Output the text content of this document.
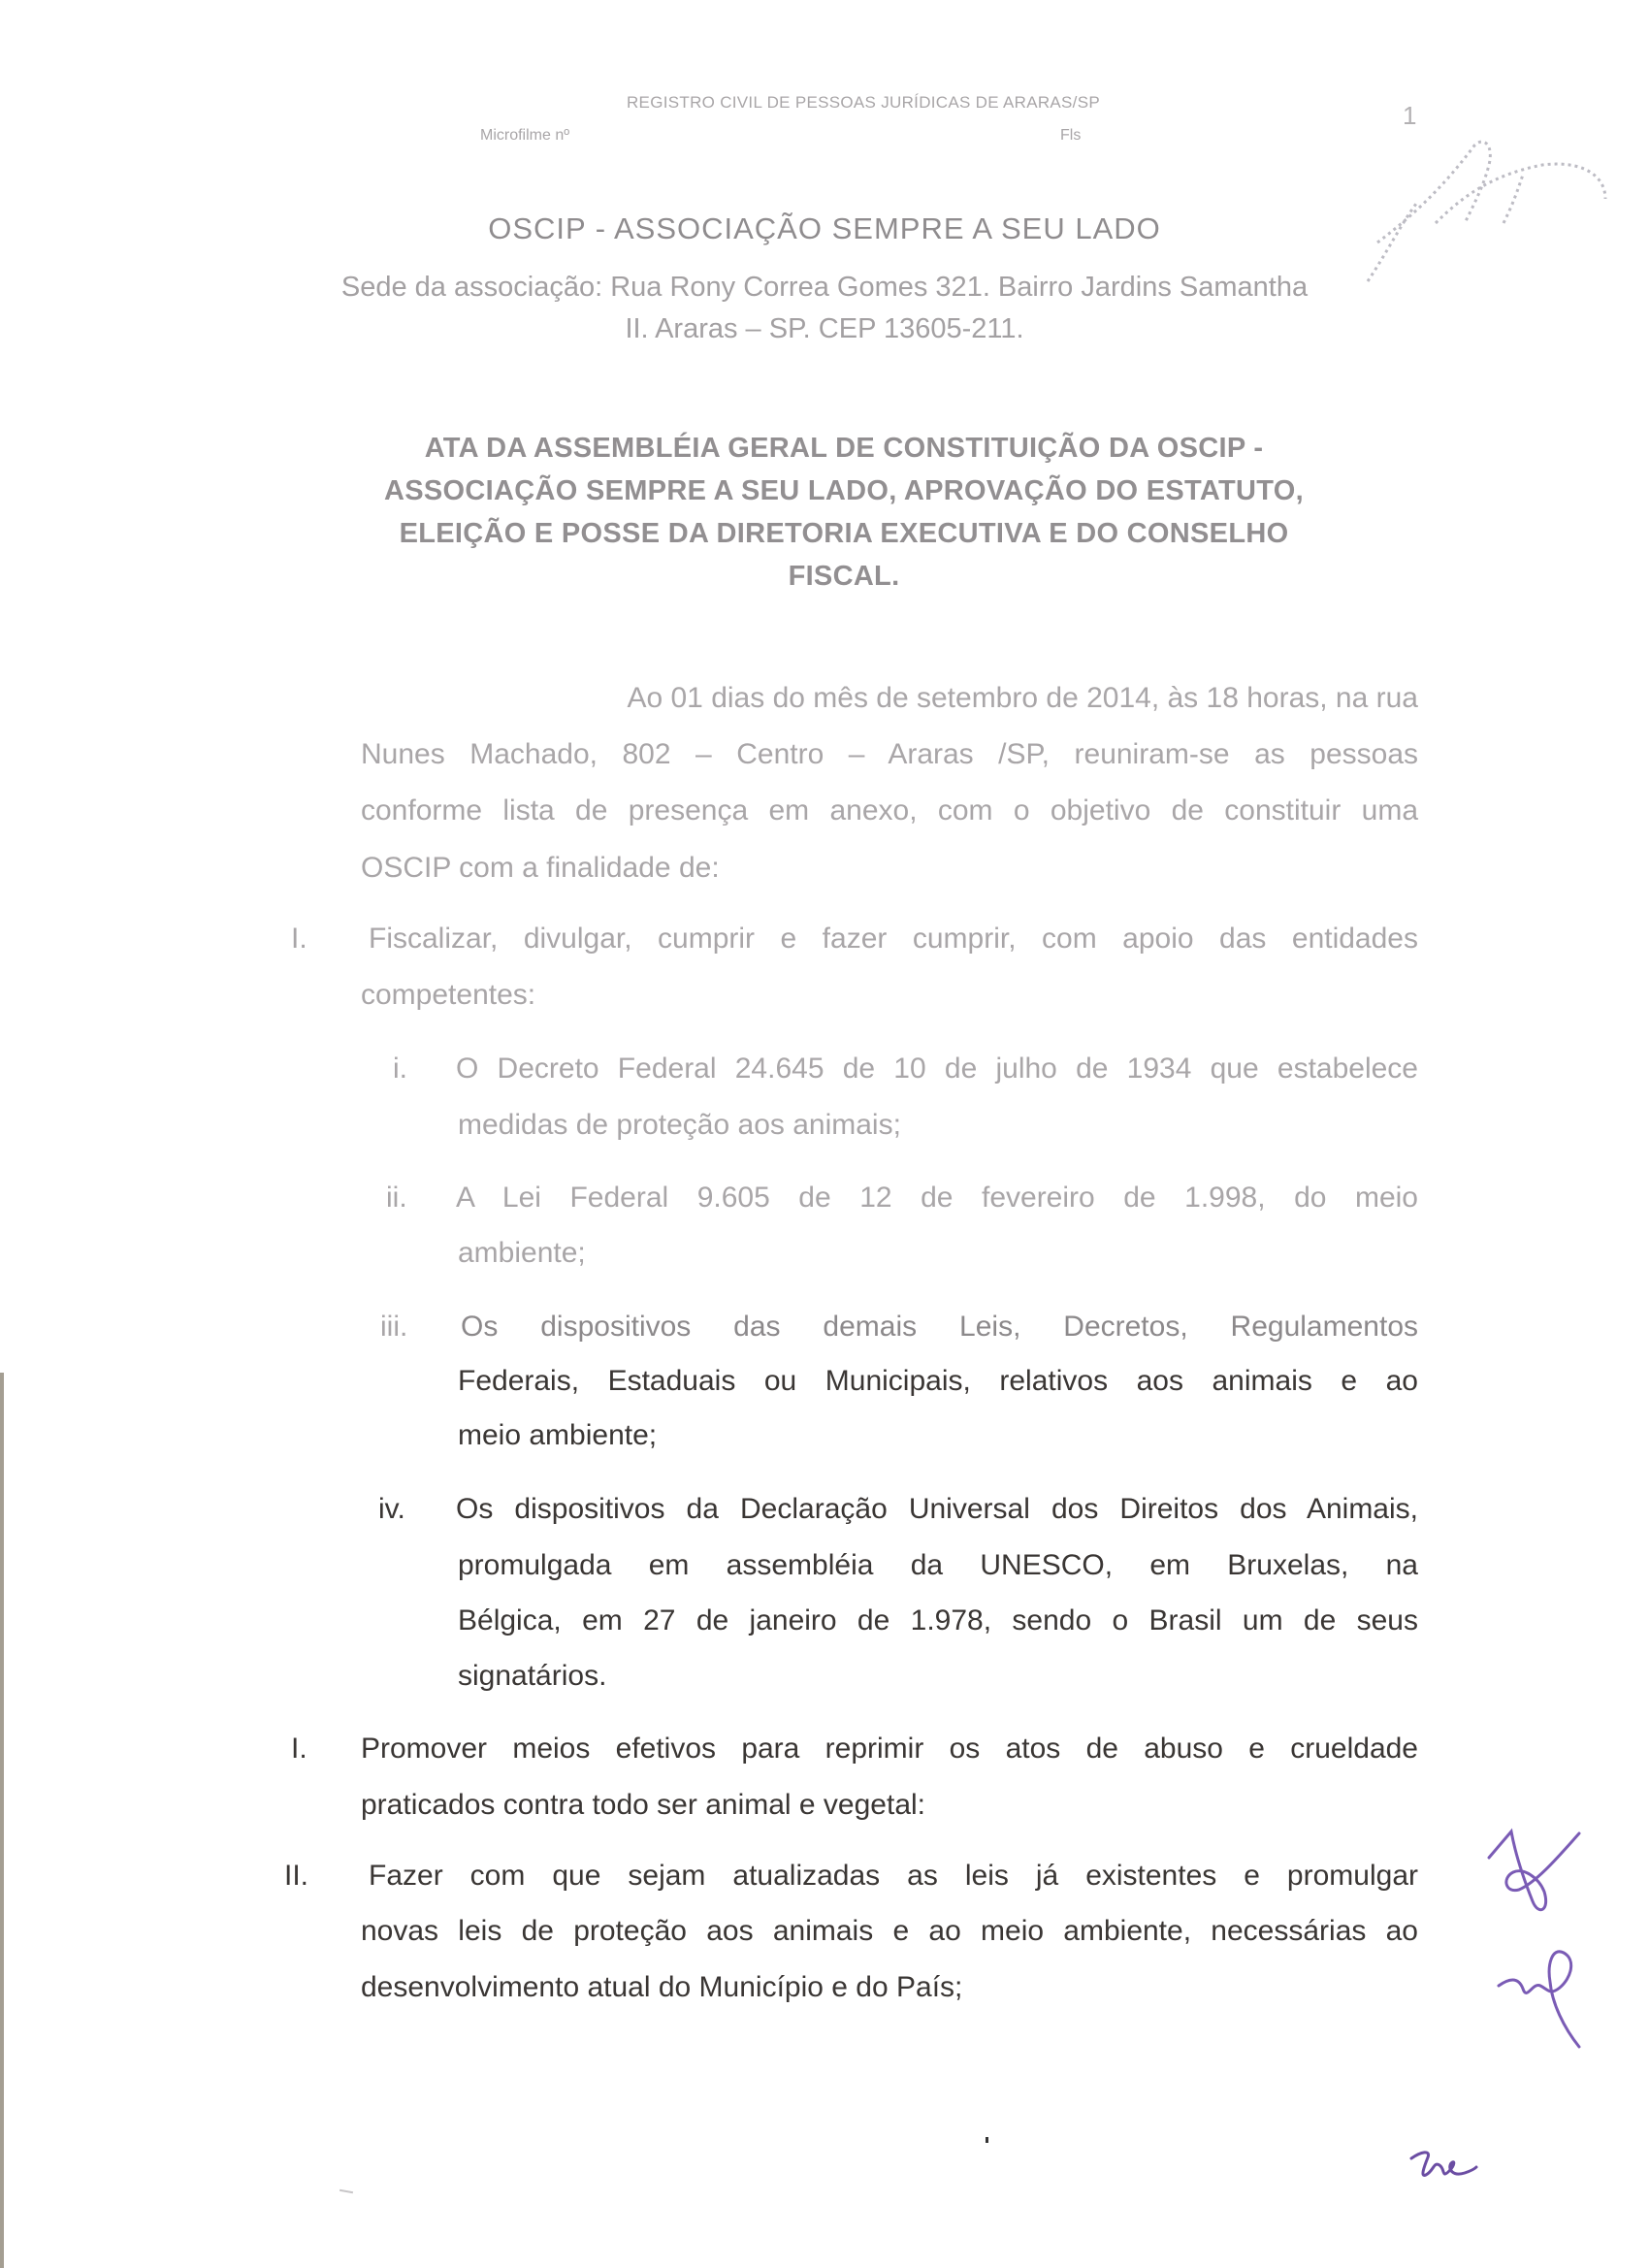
REGISTRO CIVIL DE PESSOAS JURÍDICAS DE ARARAS/SP
Microfilme nº	Fls
1
OSCIP - ASSOCIAÇÃO SEMPRE A SEU LADO
Sede da associação: Rua Rony Correa Gomes 321. Bairro Jardins Samantha
II. Araras – SP. CEP 13605-211.
ATA DA ASSEMBLÉIA GERAL DE CONSTITUIÇÃO DA OSCIP -
ASSOCIAÇÃO SEMPRE A SEU LADO, APROVAÇÃO DO ESTATUTO,
ELEIÇÃO E POSSE DA DIRETORIA EXECUTIVA E DO CONSELHO
FISCAL.
Ao 01 dias do mês de setembro de 2014, às 18 horas, na rua
Nunes Machado, 802 – Centro – Araras /SP, reuniram-se as pessoas
conforme lista de presença em anexo, com o objetivo de constituir uma
OSCIP com a finalidade de:
I. Fiscalizar, divulgar, cumprir e fazer cumprir, com apoio das entidades
competentes:
i. O Decreto Federal 24.645 de 10 de julho de 1934 que estabelece
medidas de proteção aos animais;
ii. A Lei Federal 9.605 de 12 de fevereiro de 1.998, do meio
ambiente;
iii. Os dispositivos das demais Leis, Decretos, Regulamentos
Federais, Estaduais ou Municipais, relativos aos animais e ao
meio ambiente;
iv. Os dispositivos da Declaração Universal dos Direitos dos Animais,
promulgada em assembléia da UNESCO, em Bruxelas, na
Bélgica, em 27 de janeiro de 1.978, sendo o Brasil um de seus
signatários.
I. Promover meios efetivos para reprimir os atos de abuso e crueldade
praticados contra todo ser animal e vegetal:
II. Fazer com que sejam atualizadas as leis já existentes e promulgar
novas leis de proteção aos animais e ao meio ambiente, necessárias ao
desenvolvimento atual do Município e do País;
